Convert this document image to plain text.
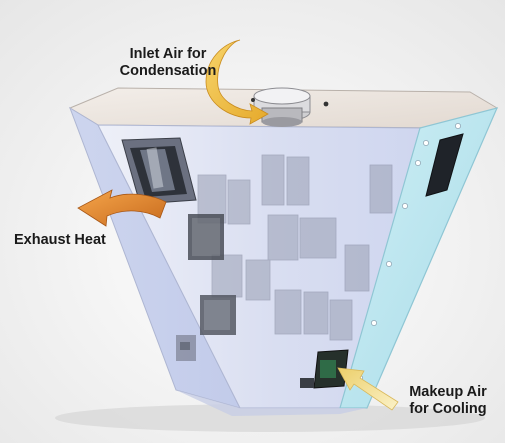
Inlet Air for
Condensation
Exhaust Heat
Makeup Air
for Cooling
